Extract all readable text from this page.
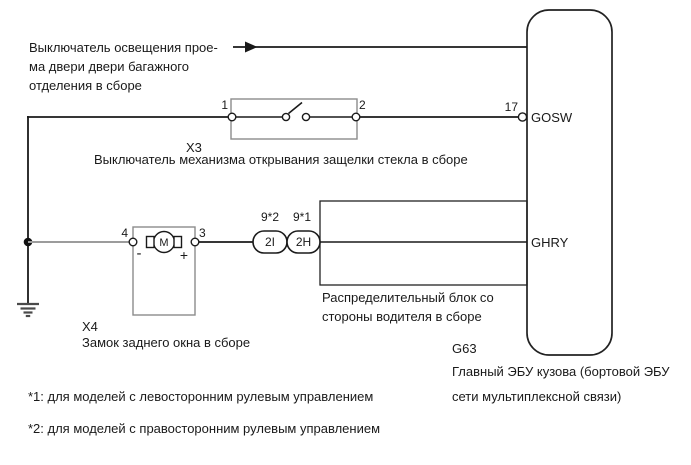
Выключатель освещения прое-
ма двери двери багажного
отделения в сборе
1	2
X3
Выключатель механизма открывания защелки стекла в сборе
17
GOSW
GHRY
4	3
M
-	+
X4
Замок заднего окна в сборе
9*2	9*1
2I	2H
Распределительный блок со
стороны водителя в сборе
G63
Главный ЭБУ кузова (бортовой ЭБУ
сети мультиплексной связи)
*1: для моделей с левосторонним рулевым управлением
*2: для моделей с правосторонним рулевым управлением
